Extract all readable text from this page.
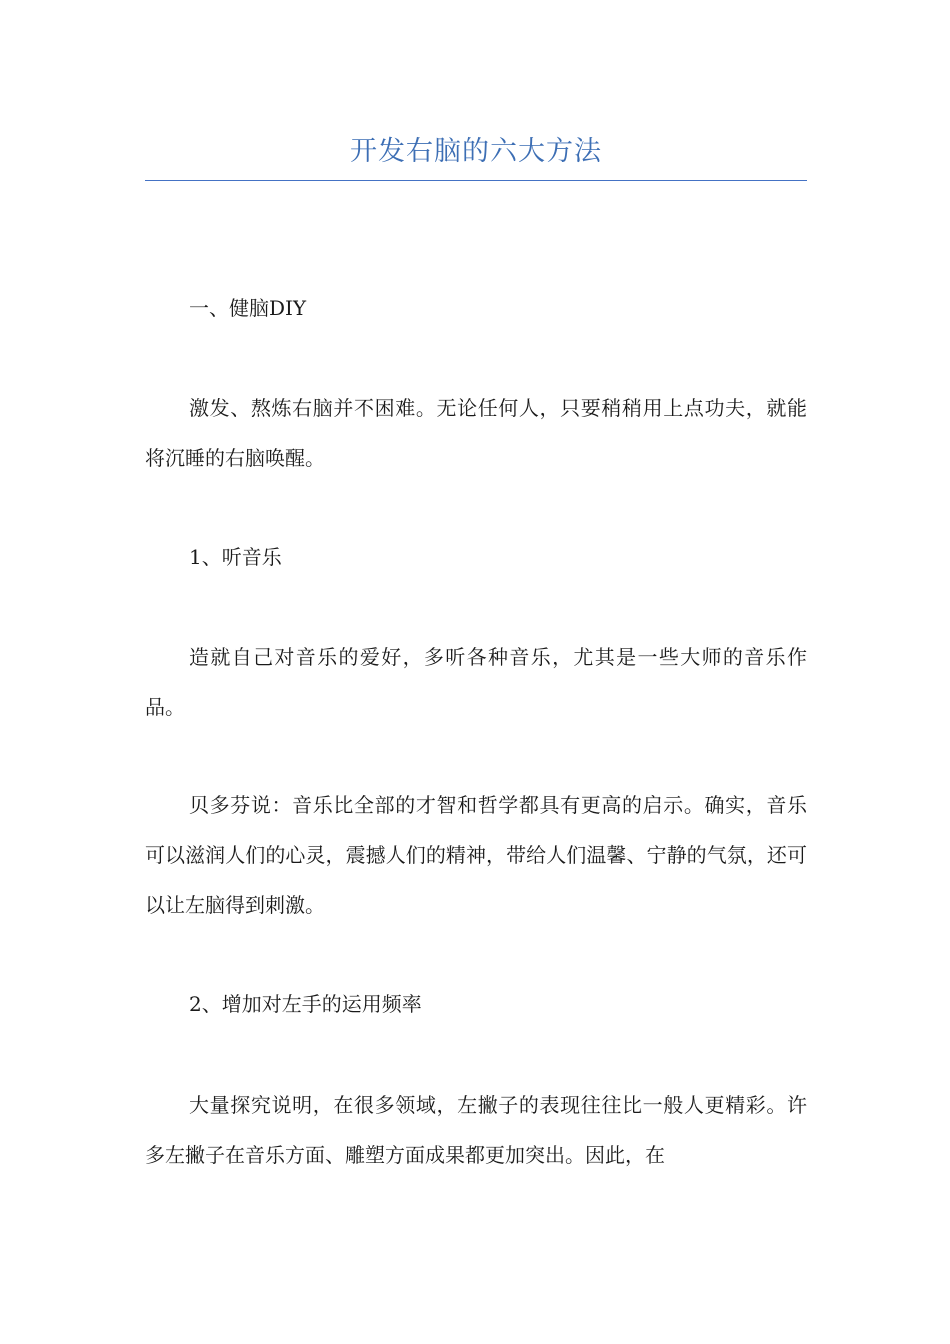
开发右脑的六大方法

一、健脑DIY

激发、熬炼右脑并不困难。无论任何人，只要稍稍用上点功夫，就能将沉睡的右脑唤醒。

1、听音乐

造就自己对音乐的爱好，多听各种音乐，尤其是一些大师的音乐作品。

贝多芬说：音乐比全部的才智和哲学都具有更高的启示。确实，音乐可以滋润人们的心灵，震撼人们的精神，带给人们温馨、宁静的气氛，还可以让左脑得到刺激。

2、增加对左手的运用频率

大量探究说明，在很多领域，左撇子的表现往往比一般人更精彩。许多左撇子在音乐方面、雕塑方面成果都更加突出。因此，在
